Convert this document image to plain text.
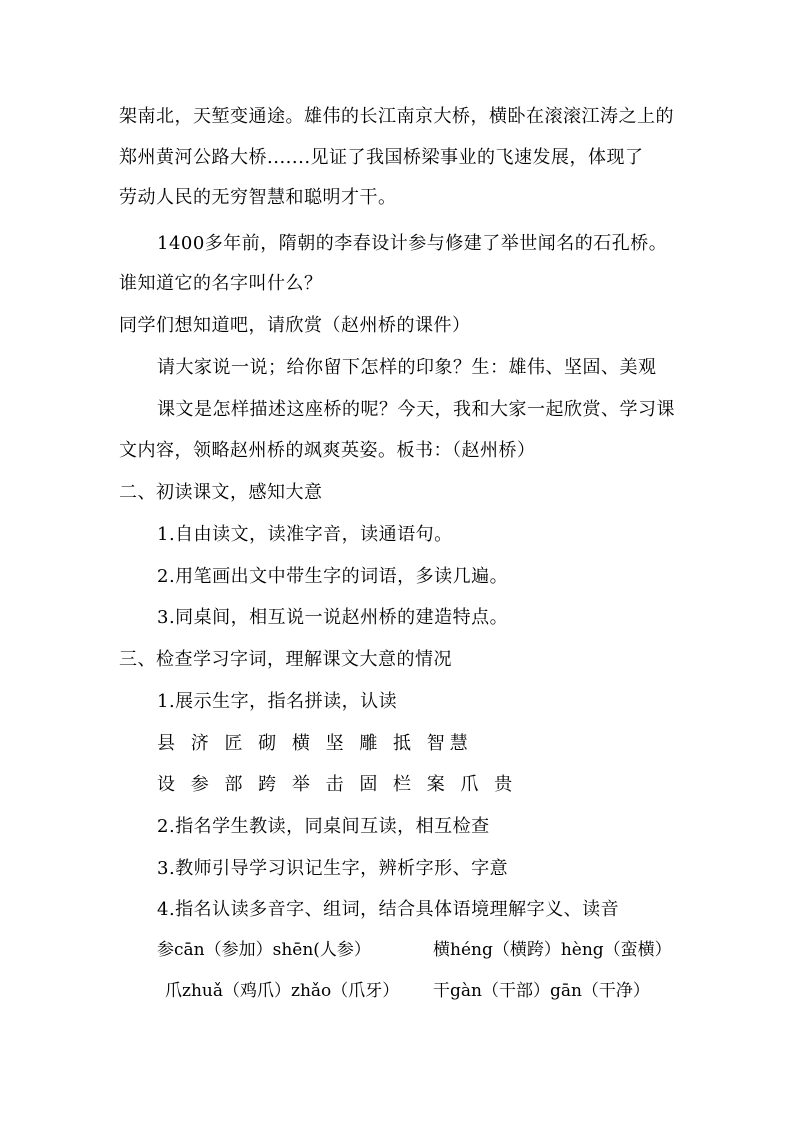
架南北，天堑变通途。雄伟的长江南京大桥，横卧在滚滚江涛之上的
郑州黄河公路大桥.......见证了我国桥梁事业的飞速发展，体现了
劳动人民的无穷智慧和聪明才干。
1400多年前，隋朝的李春设计参与修建了举世闻名的石孔桥。
谁知道它的名字叫什么？
同学们想知道吧，请欣赏（赵州桥的课件）
请大家说一说；给你留下怎样的印象？生：雄伟、坚固、美观
课文是怎样描述这座桥的呢？今天，我和大家一起欣赏、学习课
文内容，领略赵州桥的飒爽英姿。板书：（赵州桥）
二、初读课文，感知大意
1.自由读文，读准字音，读通语句。
2.用笔画出文中带生字的词语，多读几遍。
3.同桌间，相互说一说赵州桥的建造特点。
三、检查学习字词，理解课文大意的情况
1.展示生字，指名拼读，认读
县 济 匠 砌 横 坚 雕 抵 智慧
设 参 部 跨 举 击 固 栏 案 爪 贵
2.指名学生教读，同桌间互读，相互检查
3.教师引导学习识记生字，辨析字形、字意
4.指名认读多音字、组词，结合具体语境理解字义、读音
参cān（参加）shēn(人参）	横héng（横跨）hèng（蛮横）
爪zhuǎ（鸡爪）zhǎo（爪牙） 干gàn（干部）gān（干净）
